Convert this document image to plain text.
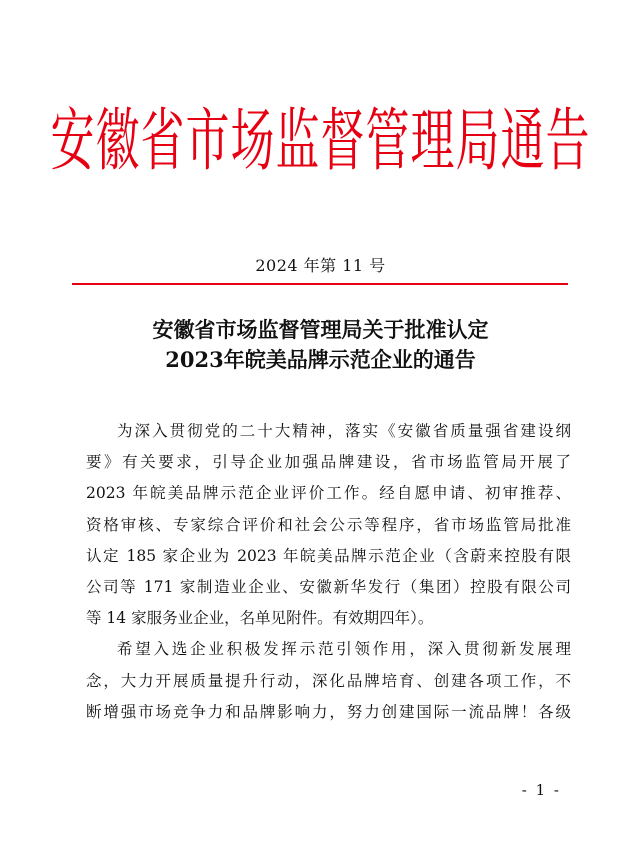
安徽省市场监督管理局通告
2024 年第 11 号
安徽省市场监督管理局关于批准认定
2023年皖美品牌示范企业的通告
为深入贯彻党的二十大精神，落实《安徽省质量强省建设纲
要》有关要求，引导企业加强品牌建设，省市场监管局开展了
2023 年皖美品牌示范企业评价工作。经自愿申请、初审推荐、
资格审核、专家综合评价和社会公示等程序，省市场监管局批准
认定 185 家企业为 2023 年皖美品牌示范企业（含蔚来控股有限
公司等 171 家制造业企业、安徽新华发行（集团）控股有限公司
等 14 家服务业企业，名单见附件。有效期四年）。
希望入选企业积极发挥示范引领作用，深入贯彻新发展理
念，大力开展质量提升行动，深化品牌培育、创建各项工作，不
断增强市场竞争力和品牌影响力，努力创建国际一流品牌！各级
- 1 -
